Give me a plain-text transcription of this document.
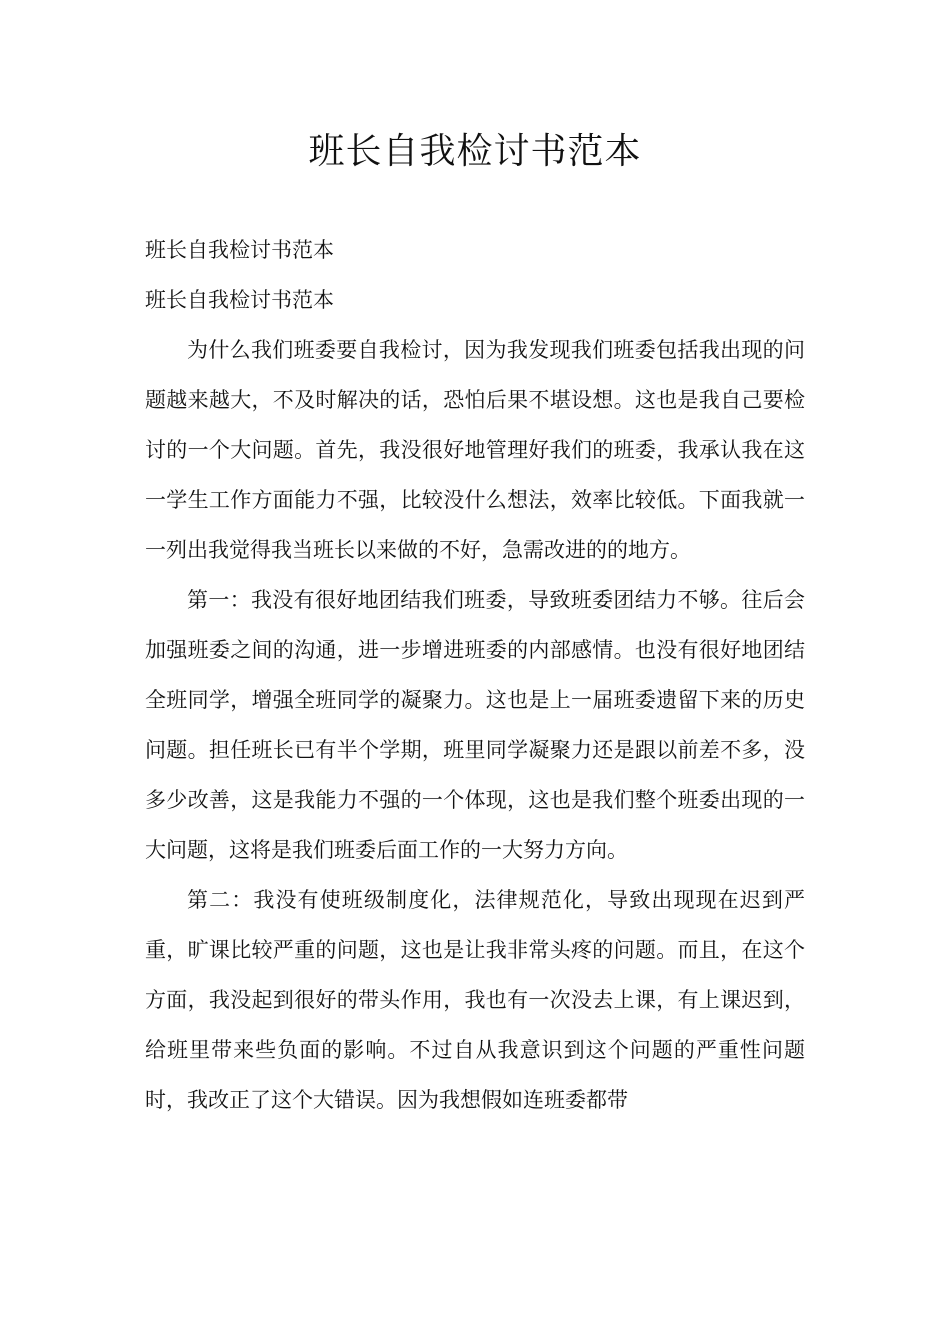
班长自我检讨书范本

班长自我检讨书范本

班长自我检讨书范本

为什么我们班委要自我检讨，因为我发现我们班委包括我出现的问题越来越大，不及时解决的话，恐怕后果不堪设想。这也是我自己要检讨的一个大问题。首先，我没很好地管理好我们的班委，我承认我在这一学生工作方面能力不强，比较没什么想法，效率比较低。下面我就一一列出我觉得我当班长以来做的不好，急需改进的的地方。

第一：我没有很好地团结我们班委，导致班委团结力不够。往后会加强班委之间的沟通，进一步增进班委的内部感情。也没有很好地团结全班同学，增强全班同学的凝聚力。这也是上一届班委遗留下来的历史问题。担任班长已有半个学期，班里同学凝聚力还是跟以前差不多，没多少改善，这是我能力不强的一个体现，这也是我们整个班委出现的一大问题，这将是我们班委后面工作的一大努力方向。

第二：我没有使班级制度化，法律规范化，导致出现现在迟到严重，旷课比较严重的问题，这也是让我非常头疼的问题。而且，在这个方面，我没起到很好的带头作用，我也有一次没去上课，有上课迟到，给班里带来些负面的影响。不过自从我意识到这个问题的严重性问题时，我改正了这个大错误。因为我想假如连班委都带
